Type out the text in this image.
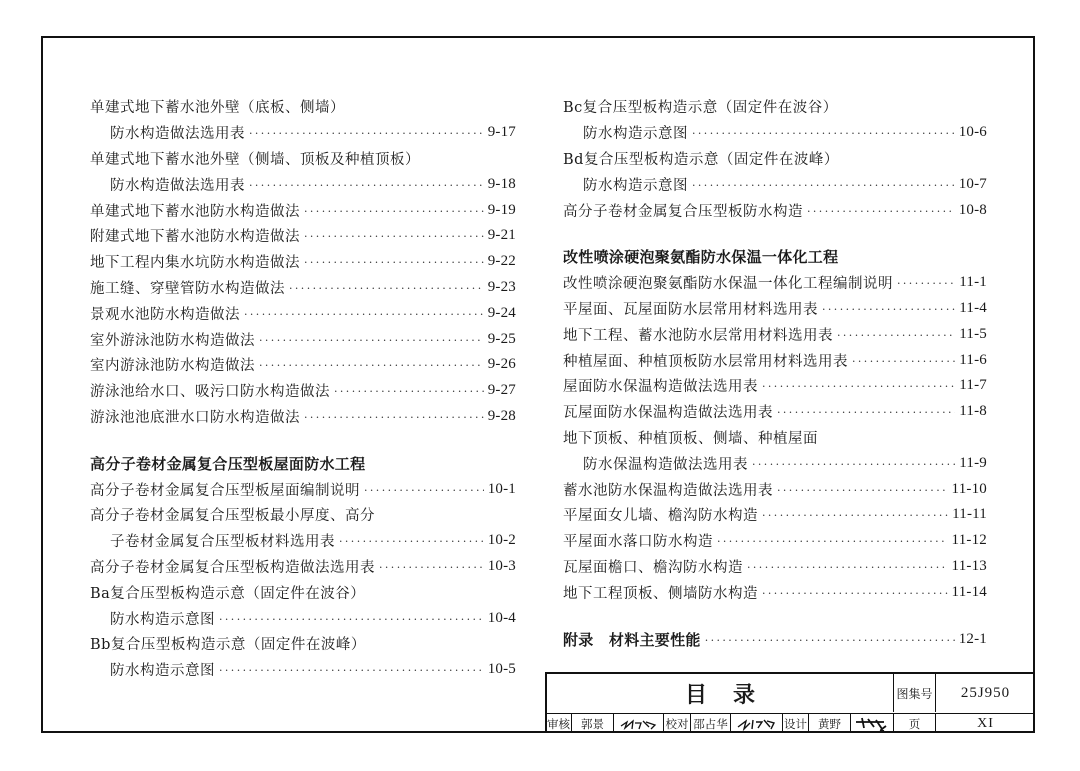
单建式地下蓄水池外壁（底板、侧墙）
防水构造做法选用表 ·····	9-17
单建式地下蓄水池外壁（侧墙、顶板及种植顶板）
防水构造做法选用表 ·····	9-18
单建式地下蓄水池防水构造做法 ·····	9-19
附建式地下蓄水池防水构造做法 ·····	9-21
地下工程内集水坑防水构造做法 ·····	9-22
施工缝、穿壁管防水构造做法 ·····	9-23
景观水池防水构造做法 ·····	9-24
室外游泳池防水构造做法 ·····	9-25
室内游泳池防水构造做法 ·····	9-26
游泳池给水口、吸污口防水构造做法 ·····	9-27
游泳池池底泄水口防水构造做法 ·····	9-28
高分子卷材金属复合压型板屋面防水工程
高分子卷材金属复合压型板屋面编制说明 ·····	10-1
高分子卷材金属复合压型板最小厚度、高分
子卷材金属复合压型板材料选用表 ·····	10-2
高分子卷材金属复合压型板构造做法选用表 ·····	10-3
Ba复合压型板构造示意（固定件在波谷）
防水构造示意图 ·····	10-4
Bb复合压型板构造示意（固定件在波峰）
防水构造示意图 ·····	10-5
Bc复合压型板构造示意（固定件在波谷）
防水构造示意图 ·····	10-6
Bd复合压型板构造示意（固定件在波峰）
防水构造示意图 ·····	10-7
高分子卷材金属复合压型板防水构造 ·····	10-8
改性喷涂硬泡聚氨酯防水保温一体化工程
改性喷涂硬泡聚氨酯防水保温一体化工程编制说明 ·····	11-1
平屋面、瓦屋面防水层常用材料选用表 ·····	11-4
地下工程、蓄水池防水层常用材料选用表 ·····	11-5
种植屋面、种植顶板防水层常用材料选用表 ·····	11-6
屋面防水保温构造做法选用表 ·····	11-7
瓦屋面防水保温构造做法选用表 ·····	11-8
地下顶板、种植顶板、侧墙、种植屋面
防水保温构造做法选用表 ·····	11-9
蓄水池防水保温构造做法选用表 ·····	11-10
平屋面女儿墙、檐沟防水构造 ·····	11-11
平屋面水落口防水构造 ·····	11-12
瓦屋面檐口、檐沟防水构造 ·····	11-13
地下工程顶板、侧墙防水构造 ·····	11-14
附录　材料主要性能 ·····	12-1
目录	图集号	25J950
审核 郭景	校对 邵占华	设计 黄野	页	XI
